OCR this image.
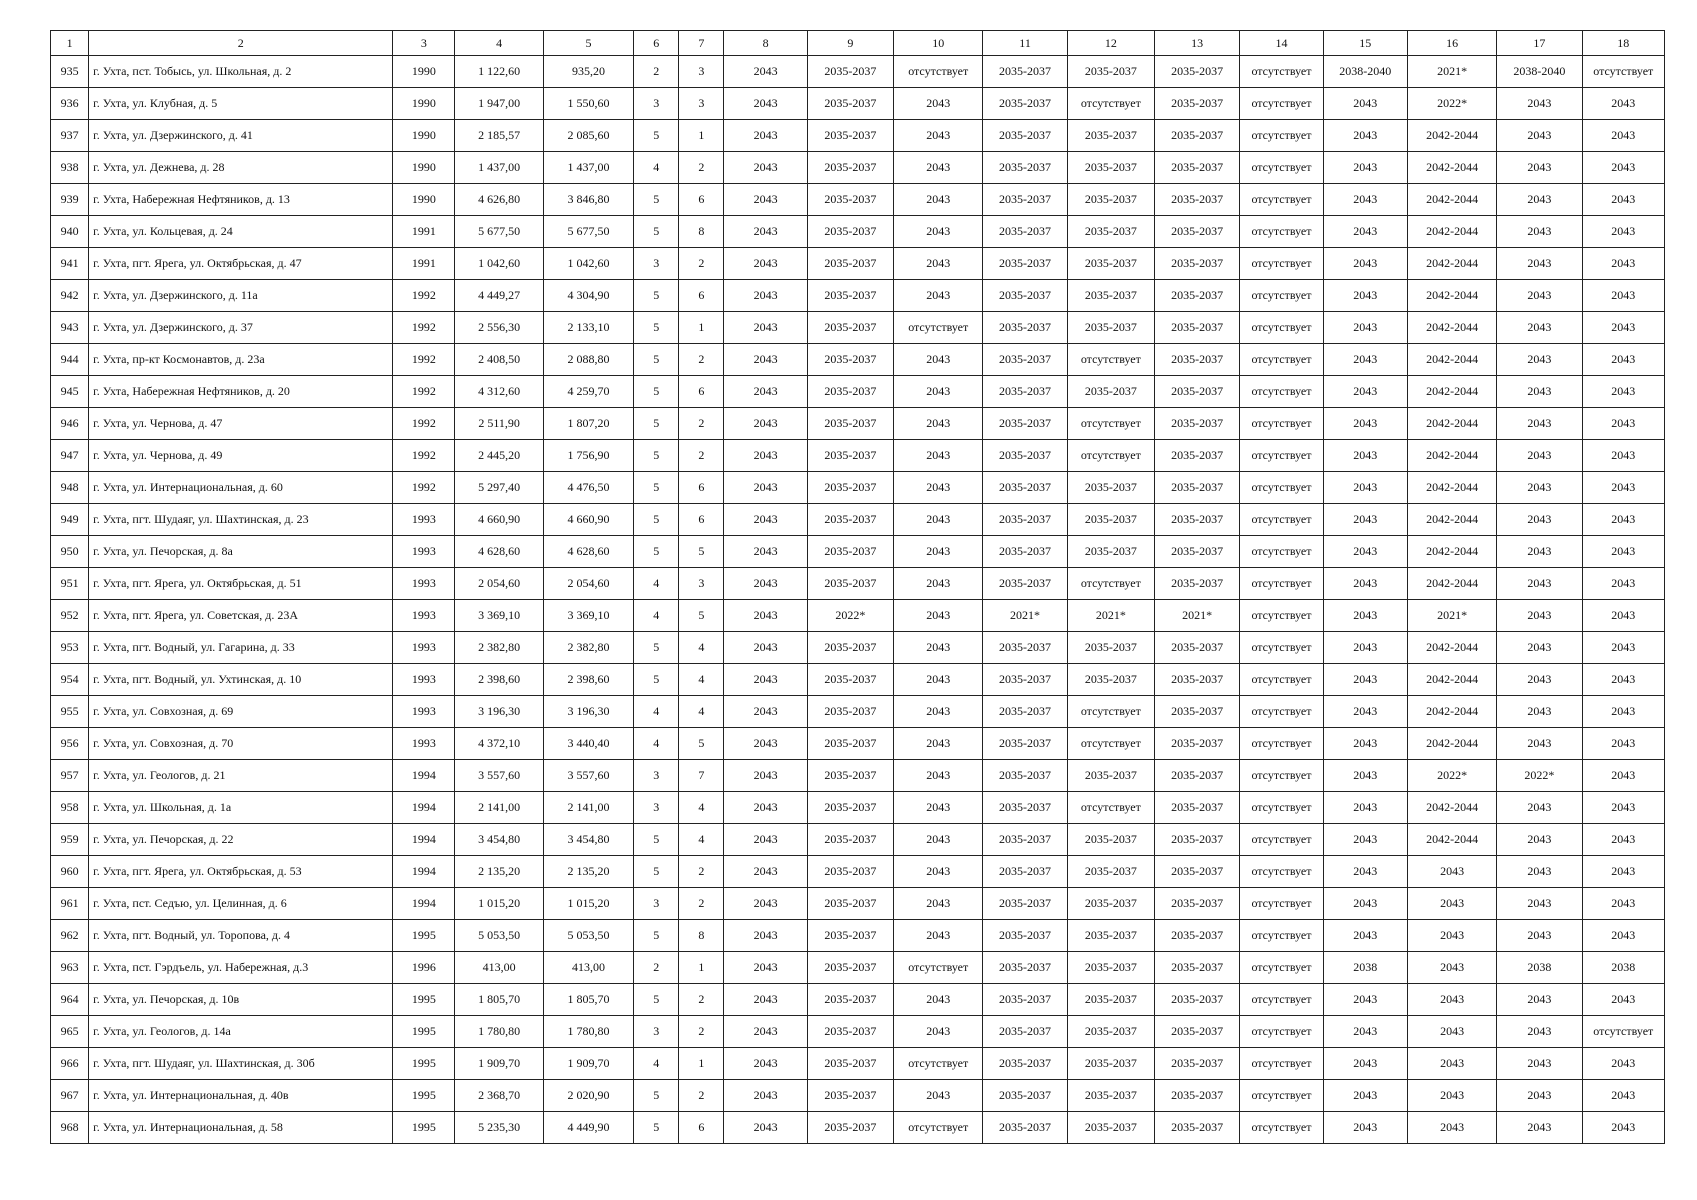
1	2	3	4	5	6	7	8	9	10	11	12	13	14	15	16	17	18
935	г. Ухта, пст. Тобысь, ул. Школьная, д. 2	1990	1 122,60	935,20	2	3	2043	2035-2037	отсутствует	2035-2037	2035-2037	2035-2037	отсутствует	2038-2040	2021*	2038-2040	отсутствует
936	г. Ухта, ул. Клубная, д. 5	1990	1 947,00	1 550,60	3	3	2043	2035-2037	2043	2035-2037	отсутствует	2035-2037	отсутствует	2043	2022*	2043	2043
937	г. Ухта, ул. Дзержинского, д. 41	1990	2 185,57	2 085,60	5	1	2043	2035-2037	2043	2035-2037	2035-2037	2035-2037	отсутствует	2043	2042-2044	2043	2043
938	г. Ухта, ул. Дежнева, д. 28	1990	1 437,00	1 437,00	4	2	2043	2035-2037	2043	2035-2037	2035-2037	2035-2037	отсутствует	2043	2042-2044	2043	2043
939	г. Ухта, Набережная Нефтяников, д. 13	1990	4 626,80	3 846,80	5	6	2043	2035-2037	2043	2035-2037	2035-2037	2035-2037	отсутствует	2043	2042-2044	2043	2043
940	г. Ухта, ул. Кольцевая, д. 24	1991	5 677,50	5 677,50	5	8	2043	2035-2037	2043	2035-2037	2035-2037	2035-2037	отсутствует	2043	2042-2044	2043	2043
941	г. Ухта, пгт. Ярега, ул. Октябрьская, д. 47	1991	1 042,60	1 042,60	3	2	2043	2035-2037	2043	2035-2037	2035-2037	2035-2037	отсутствует	2043	2042-2044	2043	2043
942	г. Ухта, ул. Дзержинского, д. 11а	1992	4 449,27	4 304,90	5	6	2043	2035-2037	2043	2035-2037	2035-2037	2035-2037	отсутствует	2043	2042-2044	2043	2043
943	г. Ухта, ул. Дзержинского, д. 37	1992	2 556,30	2 133,10	5	1	2043	2035-2037	отсутствует	2035-2037	2035-2037	2035-2037	отсутствует	2043	2042-2044	2043	2043
944	г. Ухта, пр-кт Космонавтов, д. 23а	1992	2 408,50	2 088,80	5	2	2043	2035-2037	2043	2035-2037	отсутствует	2035-2037	отсутствует	2043	2042-2044	2043	2043
945	г. Ухта, Набережная Нефтяников, д. 20	1992	4 312,60	4 259,70	5	6	2043	2035-2037	2043	2035-2037	2035-2037	2035-2037	отсутствует	2043	2042-2044	2043	2043
946	г. Ухта, ул. Чернова, д. 47	1992	2 511,90	1 807,20	5	2	2043	2035-2037	2043	2035-2037	отсутствует	2035-2037	отсутствует	2043	2042-2044	2043	2043
947	г. Ухта, ул. Чернова, д. 49	1992	2 445,20	1 756,90	5	2	2043	2035-2037	2043	2035-2037	отсутствует	2035-2037	отсутствует	2043	2042-2044	2043	2043
948	г. Ухта, ул. Интернациональная, д. 60	1992	5 297,40	4 476,50	5	6	2043	2035-2037	2043	2035-2037	2035-2037	2035-2037	отсутствует	2043	2042-2044	2043	2043
949	г. Ухта, пгт. Шудаяг, ул. Шахтинская, д. 23	1993	4 660,90	4 660,90	5	6	2043	2035-2037	2043	2035-2037	2035-2037	2035-2037	отсутствует	2043	2042-2044	2043	2043
950	г. Ухта, ул. Печорская, д. 8а	1993	4 628,60	4 628,60	5	5	2043	2035-2037	2043	2035-2037	2035-2037	2035-2037	отсутствует	2043	2042-2044	2043	2043
951	г. Ухта, пгт. Ярега, ул. Октябрьская, д. 51	1993	2 054,60	2 054,60	4	3	2043	2035-2037	2043	2035-2037	отсутствует	2035-2037	отсутствует	2043	2042-2044	2043	2043
952	г. Ухта, пгт. Ярега, ул. Советская, д. 23А	1993	3 369,10	3 369,10	4	5	2043	2022*	2043	2021*	2021*	2021*	отсутствует	2043	2021*	2043	2043
953	г. Ухта, пгт. Водный, ул. Гагарина, д. 33	1993	2 382,80	2 382,80	5	4	2043	2035-2037	2043	2035-2037	2035-2037	2035-2037	отсутствует	2043	2042-2044	2043	2043
954	г. Ухта, пгт. Водный, ул. Ухтинская, д. 10	1993	2 398,60	2 398,60	5	4	2043	2035-2037	2043	2035-2037	2035-2037	2035-2037	отсутствует	2043	2042-2044	2043	2043
955	г. Ухта, ул. Совхозная, д. 69	1993	3 196,30	3 196,30	4	4	2043	2035-2037	2043	2035-2037	отсутствует	2035-2037	отсутствует	2043	2042-2044	2043	2043
956	г. Ухта, ул. Совхозная, д. 70	1993	4 372,10	3 440,40	4	5	2043	2035-2037	2043	2035-2037	отсутствует	2035-2037	отсутствует	2043	2042-2044	2043	2043
957	г. Ухта, ул. Геологов, д. 21	1994	3 557,60	3 557,60	3	7	2043	2035-2037	2043	2035-2037	2035-2037	2035-2037	отсутствует	2043	2022*	2022*	2043
958	г. Ухта, ул. Школьная, д. 1а	1994	2 141,00	2 141,00	3	4	2043	2035-2037	2043	2035-2037	отсутствует	2035-2037	отсутствует	2043	2042-2044	2043	2043
959	г. Ухта, ул. Печорская, д. 22	1994	3 454,80	3 454,80	5	4	2043	2035-2037	2043	2035-2037	2035-2037	2035-2037	отсутствует	2043	2042-2044	2043	2043
960	г. Ухта, пгт. Ярега, ул. Октябрьская, д. 53	1994	2 135,20	2 135,20	5	2	2043	2035-2037	2043	2035-2037	2035-2037	2035-2037	отсутствует	2043	2043	2043	2043
961	г. Ухта, пст. Седъю, ул. Целинная, д. 6	1994	1 015,20	1 015,20	3	2	2043	2035-2037	2043	2035-2037	2035-2037	2035-2037	отсутствует	2043	2043	2043	2043
962	г. Ухта, пгт. Водный, ул. Торопова, д. 4	1995	5 053,50	5 053,50	5	8	2043	2035-2037	2043	2035-2037	2035-2037	2035-2037	отсутствует	2043	2043	2043	2043
963	г. Ухта, пст. Гэрдъель, ул. Набережная, д.3	1996	413,00	413,00	2	1	2043	2035-2037	отсутствует	2035-2037	2035-2037	2035-2037	отсутствует	2038	2043	2038	2038
964	г. Ухта, ул. Печорская, д. 10в	1995	1 805,70	1 805,70	5	2	2043	2035-2037	2043	2035-2037	2035-2037	2035-2037	отсутствует	2043	2043	2043	2043
965	г. Ухта, ул. Геологов, д. 14а	1995	1 780,80	1 780,80	3	2	2043	2035-2037	2043	2035-2037	2035-2037	2035-2037	отсутствует	2043	2043	2043	отсутствует
966	г. Ухта, пгт. Шудаяг, ул. Шахтинская, д. 30б	1995	1 909,70	1 909,70	4	1	2043	2035-2037	отсутствует	2035-2037	2035-2037	2035-2037	отсутствует	2043	2043	2043	2043
967	г. Ухта, ул. Интернациональная, д. 40в	1995	2 368,70	2 020,90	5	2	2043	2035-2037	2043	2035-2037	2035-2037	2035-2037	отсутствует	2043	2043	2043	2043
968	г. Ухта, ул. Интернациональная, д. 58	1995	5 235,30	4 449,90	5	6	2043	2035-2037	отсутствует	2035-2037	2035-2037	2035-2037	отсутствует	2043	2043	2043	2043
